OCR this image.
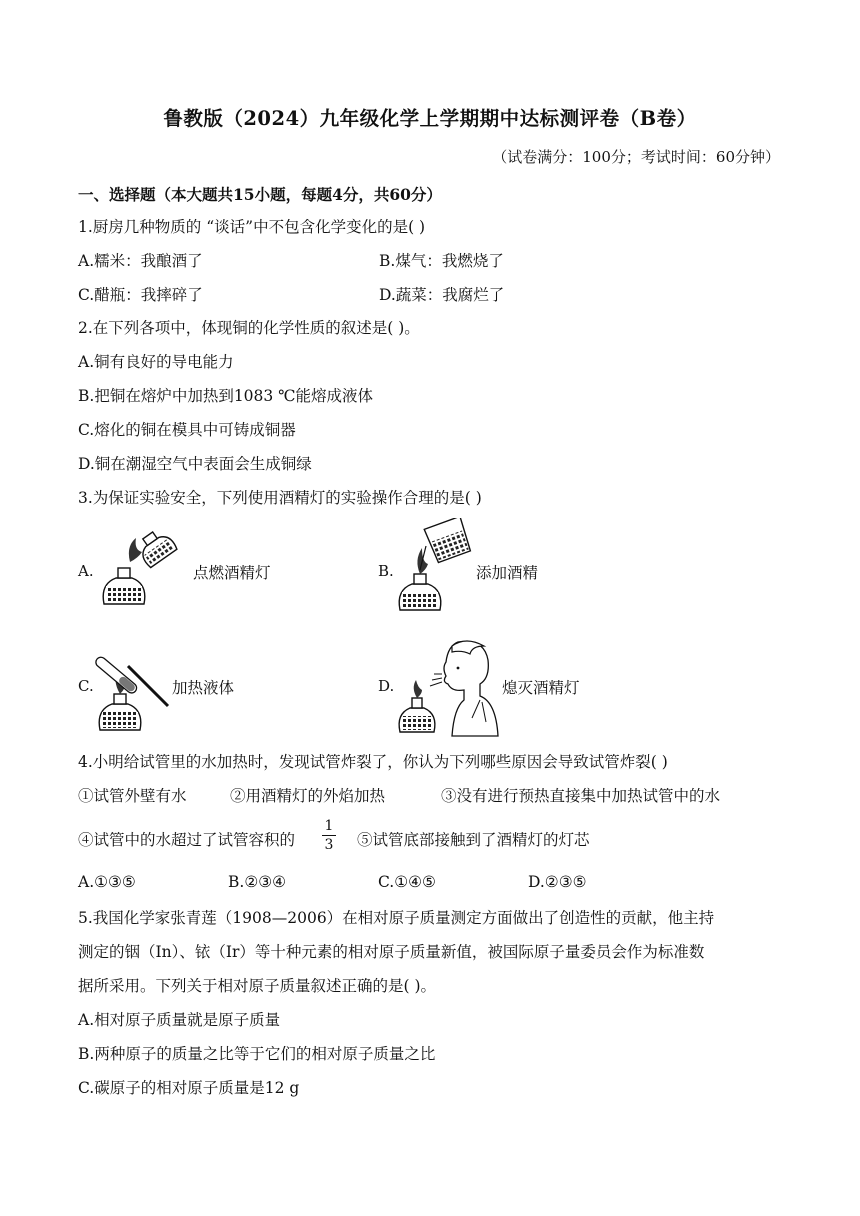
鲁教版（2024）九年级化学上学期期中达标测评卷（B卷）
（试卷满分：100分；考试时间：60分钟）
一、选择题（本大题共15小题，每题4分，共60分）
1.厨房几种物质的 “谈话”中不包含化学变化的是( )
A.糯米：我酿酒了	B.煤气：我燃烧了
C.醋瓶：我摔碎了	D.蔬菜：我腐烂了
2.在下列各项中，体现铜的化学性质的叙述是( )。
A.铜有良好的导电能力
B.把铜在熔炉中加热到1083 ℃能熔成液体
C.熔化的铜在模具中可铸成铜器
D.铜在潮湿空气中表面会生成铜绿
3.为保证实验安全，下列使用酒精灯的实验操作合理的是( )
A.	点燃酒精灯	B.	添加酒精
C.	加热液体	D.	熄灭酒精灯
4.小明给试管里的水加热时，发现试管炸裂了，你认为下列哪些原因会导致试管炸裂( )
①试管外壁有水	②用酒精灯的外焰加热	③没有进行预热直接集中加热试管中的水
④试管中的水超过了试管容积的
1
3 ⑤试管底部接触到了酒精灯的灯芯
A.①③⑤	B.②③④	C.①④⑤	D.②③⑤
5.我国化学家张青莲（1908—2006）在相对原子质量测定方面做出了创造性的贡献，他主持
测定的铟（In）、铱（Ir）等十种元素的相对原子质量新值，被国际原子量委员会作为标准数
据所采用。下列关于相对原子质量叙述正确的是( )。
A.相对原子质量就是原子质量
B.两种原子的质量之比等于它们的相对原子质量之比
C.碳原子的相对原子质量是12 g
